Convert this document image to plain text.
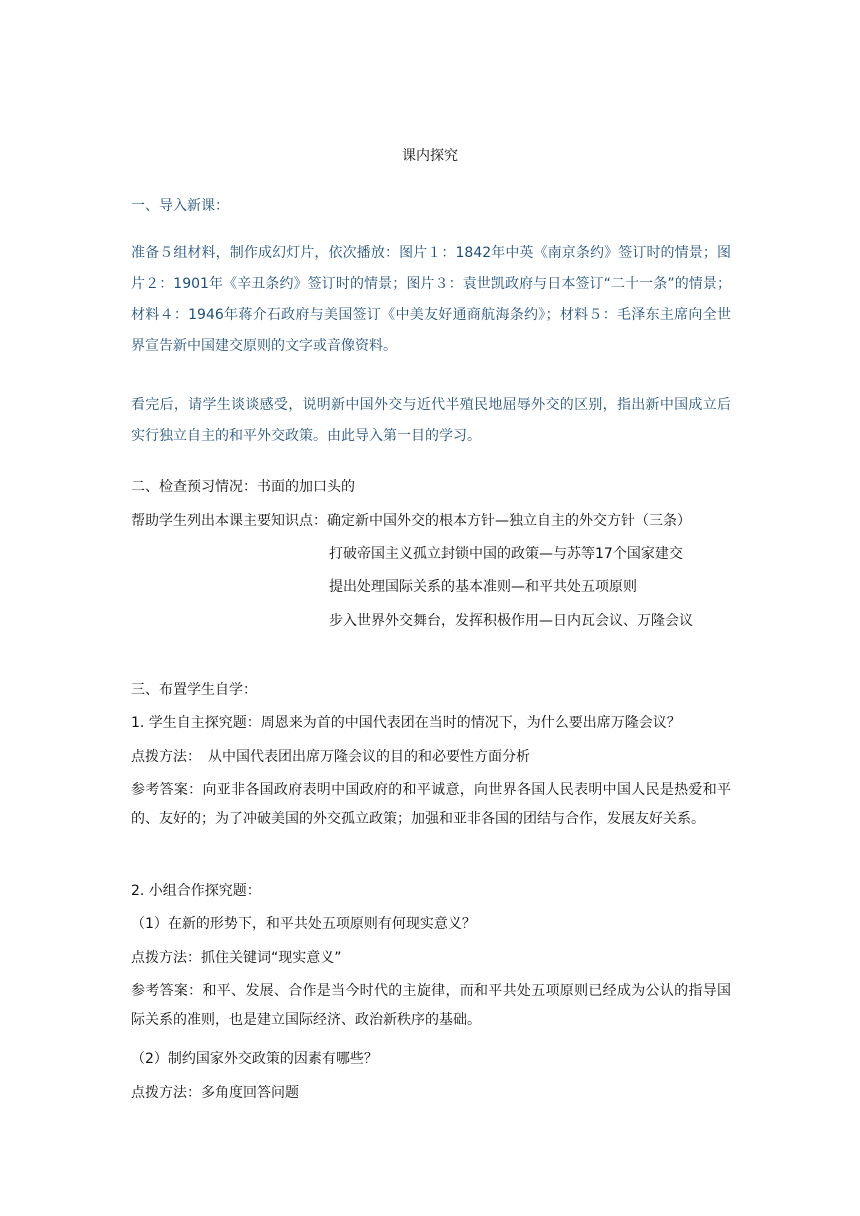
课内探究
一、导入新课：
准备５组材料，制作成幻灯片，依次播放：图片１：1842年中英《南京条约》签订时的情景；图片２：1901年《辛丑条约》签订时的情景；图片３：袁世凯政府与日本签订“二十一条”的情景；材料４：1946年蒋介石政府与美国签订《中美友好通商航海条约》；材料５：毛泽东主席向全世界宣告新中国建交原则的文字或音像资料。
看完后，请学生谈谈感受，说明新中国外交与近代半殖民地屈辱外交的区别，指出新中国成立后实行独立自主的和平外交政策。由此导入第一目的学习。
二、检查预习情况：书面的加口头的
帮助学生列出本课主要知识点：确定新中国外交的根本方针—独立自主的外交方针（三条）
打破帝国主义孤立封锁中国的政策—与苏等17个国家建交
提出处理国际关系的基本准则—和平共处五项原则
步入世界外交舞台，发挥积极作用—日内瓦会议、万隆会议
三、布置学生自学：
1. 学生自主探究题：周恩来为首的中国代表团在当时的情况下，为什么要出席万隆会议？
点拨方法：　从中国代表团出席万隆会议的目的和必要性方面分析
参考答案：向亚非各国政府表明中国政府的和平诚意，向世界各国人民表明中国人民是热爱和平的、友好的；为了冲破美国的外交孤立政策；加强和亚非各国的团结与合作，发展友好关系。
2. 小组合作探究题：
（1）在新的形势下，和平共处五项原则有何现实意义？
点拨方法：抓住关键词“现实意义”
参考答案：和平、发展、合作是当今时代的主旋律，而和平共处五项原则已经成为公认的指导国际关系的准则，也是建立国际经济、政治新秩序的基础。
（2）制约国家外交政策的因素有哪些？
点拨方法：多角度回答问题
